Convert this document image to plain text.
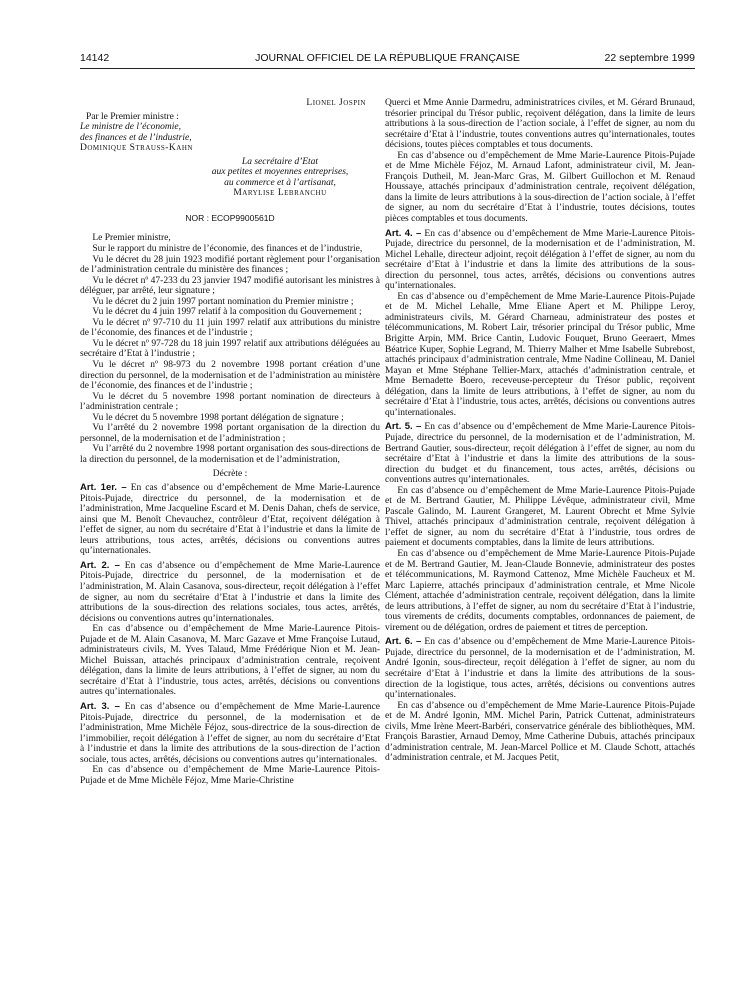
14142	JOURNAL OFFICIEL DE LA RÉPUBLIQUE FRANÇAISE	22 septembre 1999

Lionel Jospin

Par le Premier ministre :

Le ministre de l’économie,

des finances et de l’industrie,

Dominique Strauss-Kahn

La secrétaire d’Etat

aux petites et moyennes entreprises,

au commerce et à l’artisanat,

Marylise Lebranchu

NOR : ECOP9900561D

Le Premier ministre,

Sur le rapport du ministre de l’économie, des finances et de l’industrie,

Vu le décret du 28 juin 1923 modifié portant règlement pour l’organisation de l’administration centrale du ministère des finances ;

Vu le décret nº 47-233 du 23 janvier 1947 modifié autorisant les ministres à déléguer, par arrêté, leur signature ;

Vu le décret du 2 juin 1997 portant nomination du Premier ministre ;

Vu le décret du 4 juin 1997 relatif à la composition du Gouvernement ;

Vu le décret nº 97-710 du 11 juin 1997 relatif aux attributions du ministre de l’économie, des finances et de l’industrie ;

Vu le décret nº 97-728 du 18 juin 1997 relatif aux attributions déléguées au secrétaire d’Etat à l’industrie ;

Vu le décret nº 98-973 du 2 novembre 1998 portant création d’une direction du personnel, de la modernisation et de l’administration au ministère de l’économie, des finances et de l’industrie ;

Vu le décret du 5 novembre 1998 portant nomination de directeurs à l’administration centrale ;

Vu le décret du 5 novembre 1998 portant délégation de signature ;

Vu l’arrêté du 2 novembre 1998 portant organisation de la direction du personnel, de la modernisation et de l’administration ;

Vu l’arrêté du 2 novembre 1998 portant organisation des sous-directions de la direction du personnel, de la modernisation et de l’administration,

Décrète :

Art. 1er. – En cas d’absence ou d’empêchement de Mme Marie-Laurence Pitois-Pujade, directrice du personnel, de la modernisation et de l’administration, Mme Jacqueline Escard et M. Denis Dahan, chefs de service, ainsi que M. Benoît Chevauchez, contrôleur d’Etat, reçoivent délégation à l’effet de signer, au nom du secrétaire d’Etat à l’industrie et dans la limite de leurs attributions, tous actes, arrêtés, décisions ou conventions autres qu’internationales.

Art. 2. – En cas d’absence ou d’empêchement de Mme Marie-Laurence Pitois-Pujade, directrice du personnel, de la modernisation et de l’administration, M. Alain Casanova, sous-directeur, reçoit délégation à l’effet de signer, au nom du secrétaire d’Etat à l’industrie et dans la limite des attributions de la sous-direction des relations sociales, tous actes, arrêtés, décisions ou conventions autres qu’internationales.

En cas d’absence ou d’empêchement de Mme Marie-Laurence Pitois-Pujade et de M. Alain Casanova, M. Marc Gazave et Mme Françoise Lutaud, administrateurs civils, M. Yves Talaud, Mme Frédérique Nion et M. Jean-Michel Buissan, attachés principaux d’administration centrale, reçoivent délégation, dans la limite de leurs attributions, à l’effet de signer, au nom du secrétaire d’Etat à l’industrie, tous actes, arrêtés, décisions ou conventions autres qu’internationales.

Art. 3. – En cas d’absence ou d’empêchement de Mme Marie-Laurence Pitois-Pujade, directrice du personnel, de la modernisation et de l’administration, Mme Michèle Féjoz, sous-directrice de la sous-direction de l’immobilier, reçoit délégation à l’effet de signer, au nom du secrétaire d’Etat à l’industrie et dans la limite des attributions de la sous-direction de l’action sociale, tous actes, arrêtés, décisions ou conventions autres qu’internationales.

En cas d’absence ou d’empêchement de Mme Marie-Laurence Pitois-Pujade et de Mme Michèle Féjoz, Mme Marie-Christine

Querci et Mme Annie Darmedru, administratrices civiles, et M. Gérard Brunaud, trésorier principal du Trésor public, reçoivent délégation, dans la limite de leurs attributions à la sous-direction de l’action sociale, à l’effet de signer, au nom du secrétaire d’Etat à l’industrie, toutes conventions autres qu’internationales, toutes décisions, toutes pièces comptables et tous documents.

En cas d’absence ou d’empêchement de Mme Marie-Laurence Pitois-Pujade et de Mme Michèle Féjoz, M. Arnaud Lafont, administrateur civil, M. Jean-François Dutheil, M. Jean-Marc Gras, M. Gilbert Guillochon et M. Renaud Houssaye, attachés principaux d’administration centrale, reçoivent délégation, dans la limite de leurs attributions à la sous-direction de l’action sociale, à l’effet de signer, au nom du secrétaire d’Etat à l’industrie, toutes décisions, toutes pièces comptables et tous documents.

Art. 4. – En cas d’absence ou d’empêchement de Mme Marie-Laurence Pitois-Pujade, directrice du personnel, de la modernisation et de l’administration, M. Michel Lehalle, directeur adjoint, reçoit délégation à l’effet de signer, au nom du secrétaire d’Etat à l’industrie et dans la limite des attributions de la sous-direction du personnel, tous actes, arrêtés, décisions ou conventions autres qu’internationales.

En cas d’absence ou d’empêchement de Mme Marie-Laurence Pitois-Pujade et de M. Michel Lehalle, Mme Eliane Apert et M. Philippe Leroy, administrateurs civils, M. Gérard Charneau, administrateur des postes et télécommunications, M. Robert Lair, trésorier principal du Trésor public, Mme Brigitte Arpin, MM. Brice Cantin, Ludovic Fouquet, Bruno Geeraert, Mmes Béatrice Kuper, Sophie Legrand, M. Thierry Malher et Mme Isabelle Subrebost, attachés principaux d’administration centrale, Mme Nadine Collineau, M. Daniel Mayan et Mme Stéphane Tellier-Marx, attachés d’administration centrale, et Mme Bernadette Boero, receveuse-percepteur du Trésor public, reçoivent délégation, dans la limite de leurs attributions, à l’effet de signer, au nom du secrétaire d’Etat à l’industrie, tous actes, arrêtés, décisions ou conventions autres qu’internationales.

Art. 5. – En cas d’absence ou d’empêchement de Mme Marie-Laurence Pitois-Pujade, directrice du personnel, de la modernisation et de l’administration, M. Bertrand Gautier, sous-directeur, reçoit délégation à l’effet de signer, au nom du secrétaire d’Etat à l’industrie et dans la limite des attributions de la sous-direction du budget et du financement, tous actes, arrêtés, décisions ou conventions autres qu’internationales.

En cas d’absence ou d’empêchement de Mme Marie-Laurence Pitois-Pujade et de M. Bertrand Gautier, M. Philippe Lévêque, administrateur civil, Mme Pascale Galindo, M. Laurent Grangeret, M. Laurent Obrecht et Mme Sylvie Thivel, attachés principaux d’administration centrale, reçoivent délégation à l’effet de signer, au nom du secrétaire d’Etat à l’industrie, tous ordres de paiement et documents comptables, dans la limite de leurs attributions.

En cas d’absence ou d’empêchement de Mme Marie-Laurence Pitois-Pujade et de M. Bertrand Gautier, M. Jean-Claude Bonnevie, administrateur des postes et télécommunications, M. Raymond Cattenoz, Mme Michèle Faucheux et M. Marc Lapierre, attachés principaux d’administration centrale, et Mme Nicole Clément, attachée d’administration centrale, reçoivent délégation, dans la limite de leurs attributions, à l’effet de signer, au nom du secrétaire d’Etat à l’industrie, tous virements de crédits, documents comptables, ordonnances de paiement, de virement ou de délégation, ordres de paiement et titres de perception.

Art. 6. – En cas d’absence ou d’empêchement de Mme Marie-Laurence Pitois-Pujade, directrice du personnel, de la modernisation et de l’administration, M. André Igonin, sous-directeur, reçoit délégation à l’effet de signer, au nom du secrétaire d’Etat à l’industrie et dans la limite des attributions de la sous-direction de la logistique, tous actes, arrêtés, décisions ou conventions autres qu’internationales.

En cas d’absence ou d’empêchement de Mme Marie-Laurence Pitois-Pujade et de M. André Igonin, MM. Michel Parin, Patrick Cuttenat, administrateurs civils, Mme Irène Meert-Barbéri, conservatrice générale des bibliothèques, MM. François Barastier, Arnaud Demoy, Mme Catherine Dubuis, attachés principaux d’administration centrale, M. Jean-Marcel Pollice et M. Claude Schott, attachés d’administration centrale, et M. Jacques Petit,
